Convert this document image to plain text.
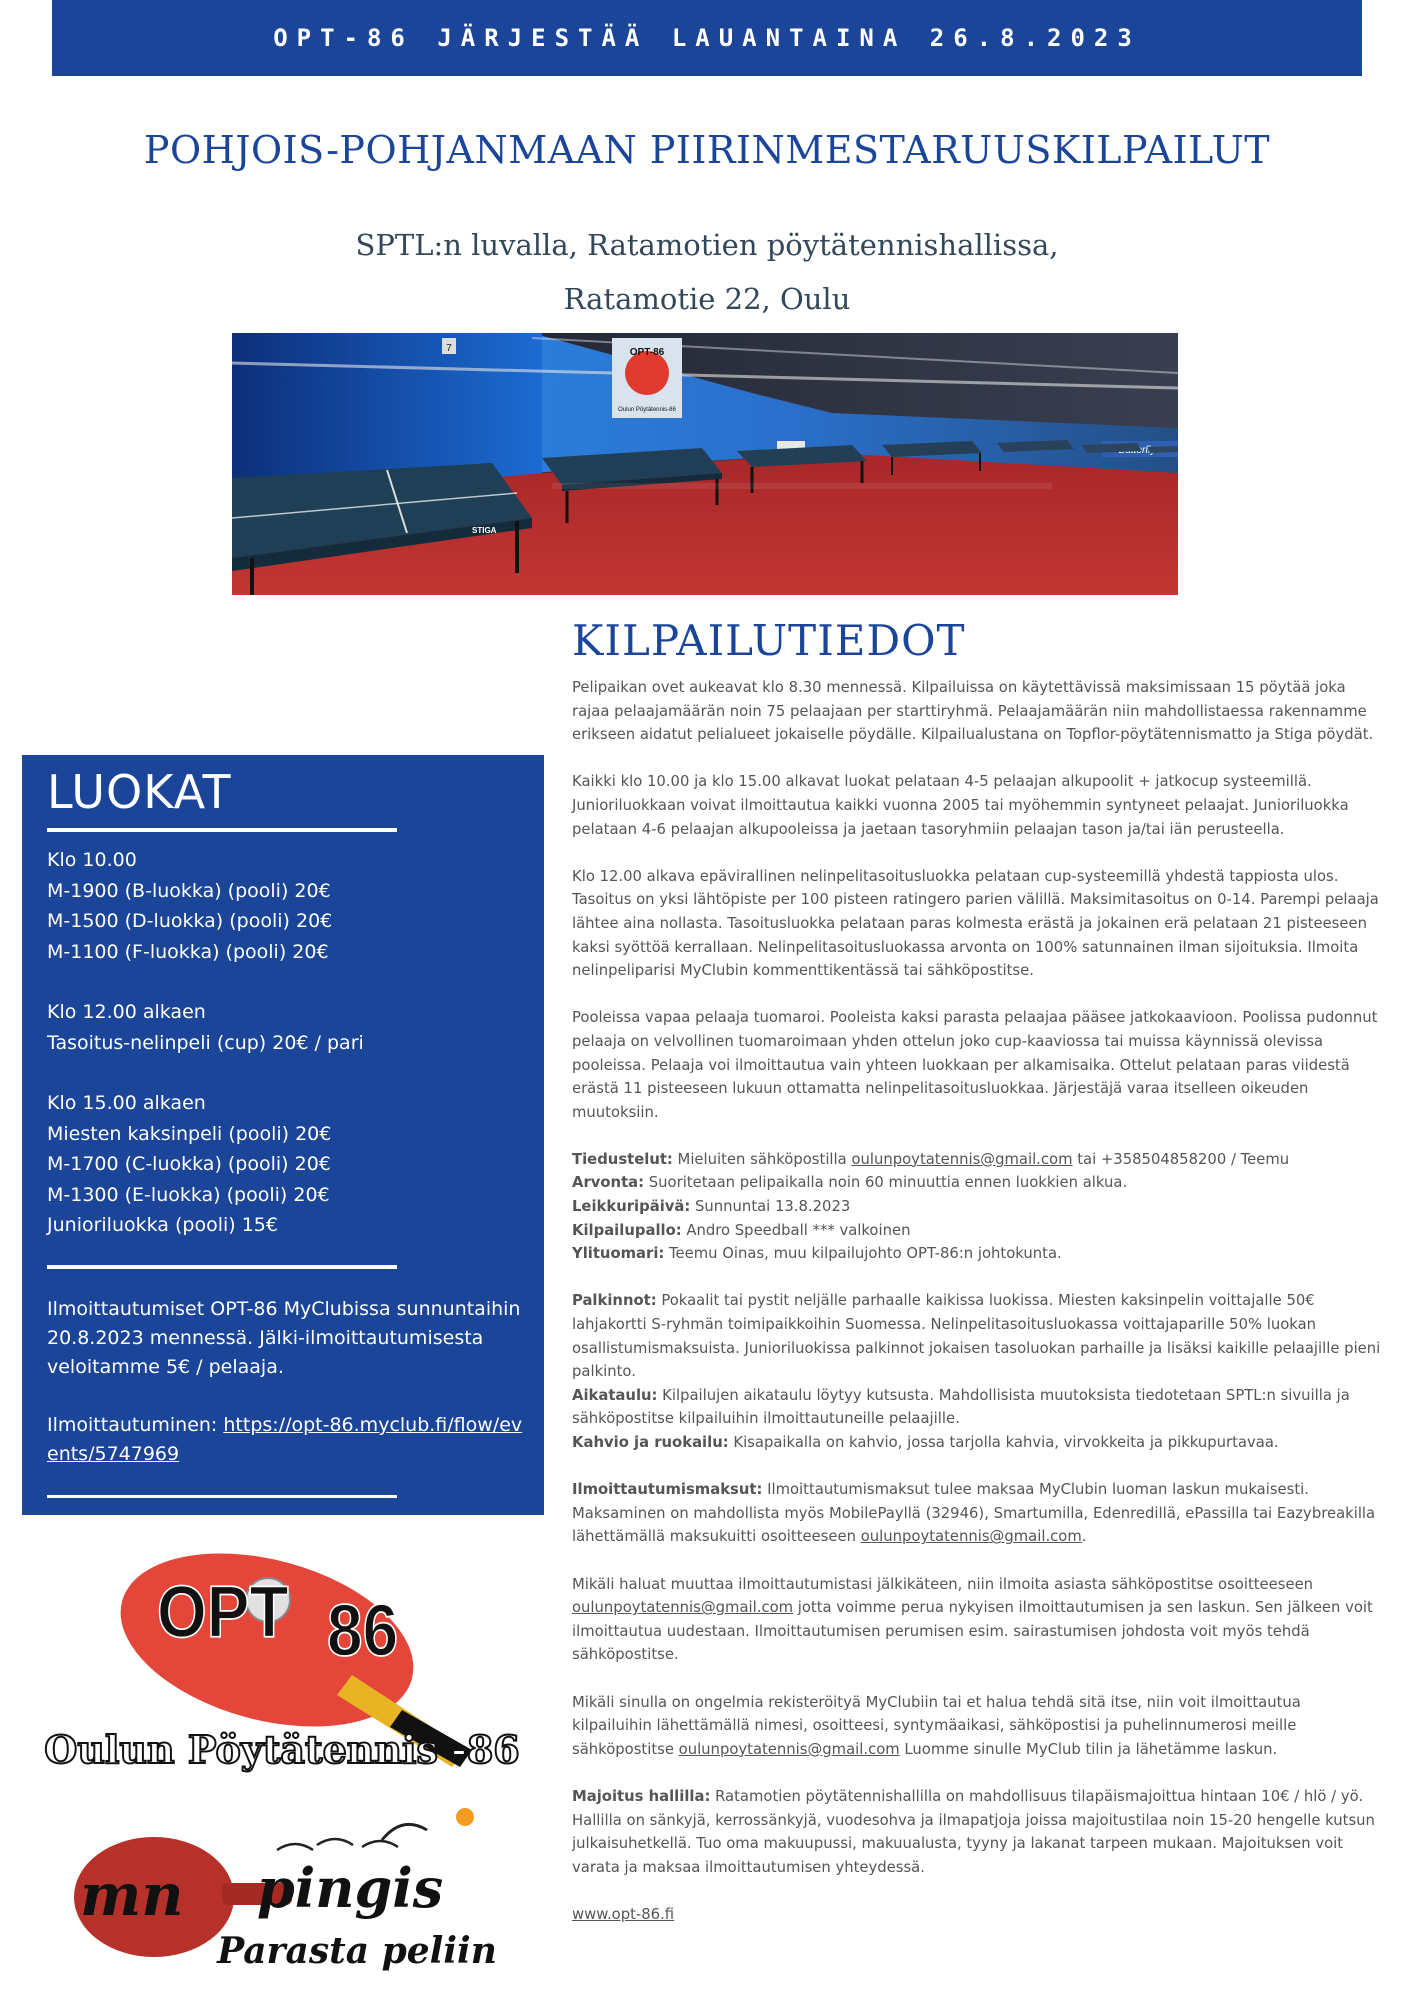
OPT-86 JÄRJESTÄÄ LAUANTAINA 26.8.2023
POHJOIS-POHJANMAAN PIIRINMESTARUUSKILPAILUT
SPTL:n luvalla, Ratamotien pöytätennishallissa,
Ratamotie 22, Oulu
7	OPT-86
Oulun Pöytätennis-86
STIGA
LUOKAT
Klo 10.00
M-1900 (B-luokka) (pooli) 20€
M-1500 (D-luokka) (pooli) 20€
M-1100 (F-luokka) (pooli) 20€
Klo 12.00 alkaen
Tasoitus-nelinpeli (cup) 20€ / pari
Klo 15.00 alkaen
Miesten kaksinpeli (pooli) 20€
M-1700 (C-luokka) (pooli) 20€
M-1300 (E-luokka) (pooli) 20€
Junioriluokka (pooli) 15€
Ilmoittautumiset OPT-86 MyClubissa sunnuntaihin 20.8.2023 mennessä. Jälki-ilmoittautumisesta veloitamme 5€ / pelaaja.
Ilmoittautuminen: https://opt-86.myclub.fi/flow/events/5747969
KILPAILUTIEDOT

Pelipaikan ovet aukeavat klo 8.30 mennessä. Kilpailuissa on käytettävissä maksimissaan 15 pöytää joka rajaa pelaajamäärän noin 75 pelaajaan per starttiryhmä. Pelaajamäärän niin mahdollistaessa rakennamme erikseen aidatut pelialueet jokaiselle pöydälle. Kilpailualustana on Topflor-pöytätennismatto ja Stiga pöydät.

Kaikki klo 10.00 ja klo 15.00 alkavat luokat pelataan 4-5 pelaajan alkupoolit + jatkocup systeemillä. Junioriluokkaan voivat ilmoittautua kaikki vuonna 2005 tai myöhemmin syntyneet pelaajat. Junioriluokka pelataan 4-6 pelaajan alkupooleissa ja jaetaan tasoryhmiin pelaajan tason ja/tai iän perusteella.

Klo 12.00 alkava epävirallinen nelinpelitasoitusluokka pelataan cup-systeemillä yhdestä tappiosta ulos. Tasoitus on yksi lähtöpiste per 100 pisteen ratingero parien välillä. Maksimitasoitus on 0-14. Parempi pelaaja lähtee aina nollasta. Tasoitusluokka pelataan paras kolmesta erästä ja jokainen erä pelataan 21 pisteeseen kaksi syöttöä kerrallaan. Nelinpelitasoitusluokassa arvonta on 100% satunnainen ilman sijoituksia. Ilmoita nelinpeliparisi MyClubin kommenttikentässä tai sähköpostitse.

Pooleissa vapaa pelaaja tuomaroi. Pooleista kaksi parasta pelaajaa pääsee jatkokaavioon. Poolissa pudonnut pelaaja on velvollinen tuomaroimaan yhden ottelun joko cup-kaaviossa tai muissa käynnissä olevissa pooleissa. Pelaaja voi ilmoittautua vain yhteen luokkaan per alkamisaika. Ottelut pelataan paras viidestä erästä 11 pisteeseen lukuun ottamatta nelinpelitasoitusluokkaa. Järjestäjä varaa itselleen oikeuden muutoksiin.

Tiedustelut: Mieluiten sähköpostilla oulunpoytatennis@gmail.com tai +358504858200 / Teemu

Arvonta: Suoritetaan pelipaikalla noin 60 minuuttia ennen luokkien alkua.

Leikkuripäivä: Sunnuntai 13.8.2023

Kilpailupallo: Andro Speedball *** valkoinen

Ylituomari: Teemu Oinas, muu kilpailujohto OPT-86:n johtokunta.

Palkinnot: Pokaalit tai pystit neljälle parhaalle kaikissa luokissa. Miesten kaksinpelin voittajalle 50€ lahjakortti S-ryhmän toimipaikkoihin Suomessa. Nelinpelitasoitusluokassa voittajaparille 50% luokan osallistumismaksuista. Junioriluokissa palkinnot jokaisen tasoluokan parhaille ja lisäksi kaikille pelaajille pieni palkinto.

Aikataulu: Kilpailujen aikataulu löytyy kutsusta. Mahdollisista muutoksista tiedotetaan SPTL:n sivuilla ja sähköpostitse kilpailuihin ilmoittautuneille pelaajille.

Kahvio ja ruokailu: Kisapaikalla on kahvio, jossa tarjolla kahvia, virvokkeita ja pikkupurtavaa.

Ilmoittautumismaksut: Ilmoittautumismaksut tulee maksaa MyClubin luoman laskun mukaisesti. Maksaminen on mahdollista myös MobilePayllä (32946), Smartumilla, Edenredillä, ePassilla tai Eazybreakilla lähettämällä maksukuitti osoitteeseen oulunpoytatennis@gmail.com.

Mikäli haluat muuttaa ilmoittautumistasi jälkikäteen, niin ilmoita asiasta sähköpostitse osoitteeseen oulunpoytatennis@gmail.com jotta voimme perua nykyisen ilmoittautumisen ja sen laskun. Sen jälkeen voit ilmoittautua uudestaan. Ilmoittautumisen perumisen esim. sairastumisen johdosta voit myös tehdä sähköpostitse.

Mikäli sinulla on ongelmia rekisteröityä MyClubiin tai et halua tehdä sitä itse, niin voit ilmoittautua kilpailuihin lähettämällä nimesi, osoitteesi, syntymäaikasi, sähköpostisi ja puhelinnumerosi meille sähköpostitse oulunpoytatennis@gmail.com Luomme sinulle MyClub tilin ja lähetämme laskun.

Majoitus hallilla: Ratamotien pöytätennishallilla on mahdollisuus tilapäismajoittua hintaan 10€ / hlö / yö. Hallilla on sänkyjä, kerrossänkyjä, vuodesohva ja ilmapatjoja joissa majoitustilaa noin 15-20 hengelle kutsun julkaisuhetkellä. Tuo oma makuupussi, makuualusta, tyyny ja lakanat tarpeen mukaan. Majoituksen voit varata ja maksaa ilmoittautumisen yhteydessä.

www.opt-86.fi

OPT 86
Oulun Pöytätennis -86
mn pingis
Parasta peliin
